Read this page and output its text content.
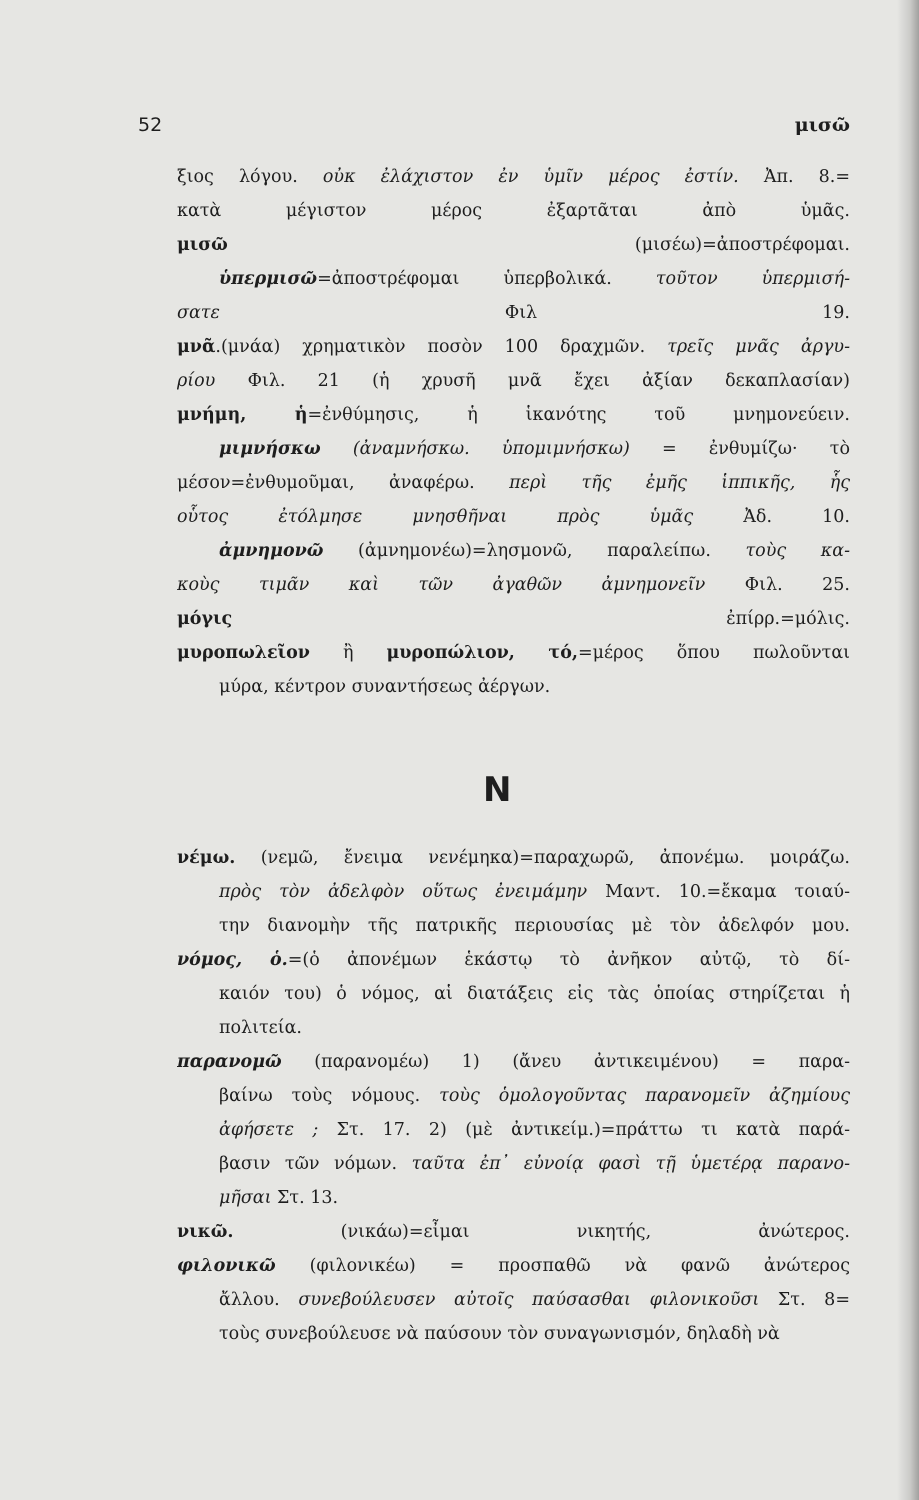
52	μισῶ
ξιος λόγου. οὐκ ἐλάχιστον ἐν ὑμῖν μέρος ἐστίν. Ἀπ. 8.=
κατὰ μέγιστον μέρος ἐξαρτᾶται ἀπὸ ὑμᾶς.
μισῶ (μισέω)=ἀποστρέφομαι.
ὑπερμισῶ=ἀποστρέφομαι ὑπερβολικά. τοῦτον ὑπερμισή-
σατε Φιλ 19.
μνᾶ.(μνάα) χρηματικὸν ποσὸν 100 δραχμῶν. τρεῖς μνᾶς ἀργυ-
ρίου Φιλ. 21 (ἡ χρυσῆ μνᾶ ἔχει ἀξίαν δεκαπλασίαν)
μνήμη, ἡ=ἐνθύμησις, ἡ ἱκανότης τοῦ μνημονεύειν.
μιμνήσκω (ἀναμνήσκω. ὑπομιμνήσκω) = ἐνθυμίζω· τὸ
μέσον=ἐνθυμοῦμαι, ἀναφέρω. περὶ τῆς ἐμῆς ἱππικῆς, ἧς
οὗτος ἐτόλμησε μνησθῆναι πρὸς ὑμᾶς Ἀδ. 10.
ἀμνημονῶ (ἀμνημονέω)=λησμονῶ, παραλείπω. τοὺς κα-
κοὺς τιμᾶν καὶ τῶν ἀγαθῶν ἀμνημονεῖν Φιλ. 25.
μόγις ἐπίρρ.=μόλις.
μυροπωλεῖον ἢ μυροπώλιον, τό,=μέρος ὅπου πωλοῦνται
μύρα, κέντρον συναντήσεως ἀέργων.
N
νέμω. (νεμῶ, ἔνειμα νενέμηκα)=παραχωρῶ, ἀπονέμω. μοιράζω.
πρὸς τὸν ἀδελφὸν οὕτως ἐνειμάμην Μαντ. 10.=ἔκαμα τοιαύ-
την διανομὴν τῆς πατρικῆς περιουσίας μὲ τὸν ἀδελφόν μου.
νόμος, ὁ.=(ὁ ἀπονέμων ἑκάστῳ τὸ ἀνῆκον αὐτῷ, τὸ δί-
καιόν του) ὁ νόμος, αἱ διατάξεις εἰς τὰς ὁποίας στηρίζεται ἡ
πολιτεία.
παρανομῶ (παρανομέω) 1) (ἄνευ ἀντικειμένου) = παρα-
βαίνω τοὺς νόμους. τοὺς ὁμολογοῦντας παρανομεῖν ἀζημίους
ἀφήσετε ; Στ. 17. 2) (μὲ ἀντικείμ.)=πράττω τι κατὰ παρά-
βασιν τῶν νόμων. ταῦτα ἐπ᾿ εὐνοίᾳ φασὶ τῇ ὑμετέρᾳ παρανο-
μῆσαι Στ. 13.
νικῶ. (νικάω)=εἶμαι νικητής, ἀνώτερος.
φιλονικῶ (φιλονικέω) = προσπαθῶ νὰ φανῶ ἀνώτερος
ἄλλου. συνεβούλευσεν αὐτοῖς παύσασθαι φιλονικοῦσι Στ. 8=
τοὺς συνεβούλευσε νὰ παύσουν τὸν συναγωνισμόν, δηλαδὴ νὰ
